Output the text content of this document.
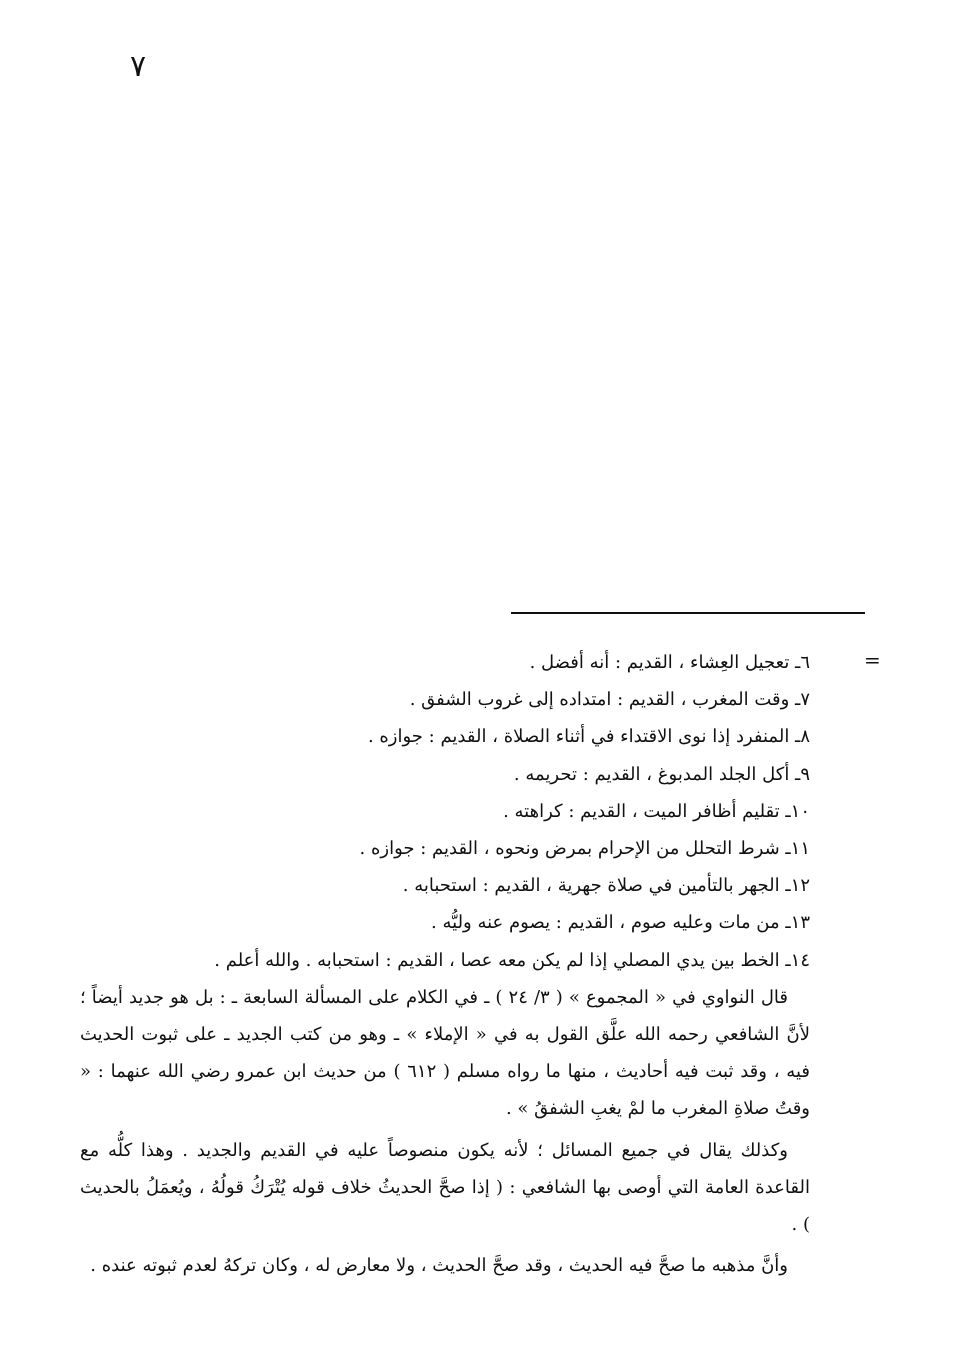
٧
=
٦ـ تعجيل العِشاء ، القديم : أنه أفضل .
٧ـ وقت المغرب ، القديم : امتداده إلى غروب الشفق .
٨ـ المنفرد إذا نوى الاقتداء في أثناء الصلاة ، القديم : جوازه .
٩ـ أكل الجلد المدبوغ ، القديم : تحريمه .
١٠ـ تقليم أظافر الميت ، القديم : كراهته .
١١ـ شرط التحلل من الإحرام بمرض ونحوه ، القديم : جوازه .
١٢ـ الجهر بالتأمين في صلاة جهرية ، القديم : استحبابه .
١٣ـ من مات وعليه صوم ، القديم : يصوم عنه وليُّه .
١٤ـ الخط بين يدي المصلي إذا لم يكن معه عصا ، القديم : استحبابه . والله أعلم .

قال النواوي في « المجموع » ( ٣/ ٢٤ ) ـ في الكلام على المسألة السابعة ـ : بل هو جديد أيضاً ؛ لأنَّ الشافعي رحمه الله علَّق القول به في « الإملاء » ـ وهو من كتب الجديد ـ على ثبوت الحديث فيه ، وقد ثبت فيه أحاديث ، منها ما رواه مسلم ( ٦١٢ ) من حديث ابن عمرو رضي الله عنهما : « وقتُ صلاةِ المغرب ما لمْ يغبِ الشفقُ » .

وكذلك يقال في جميع المسائل ؛ لأنه يكون منصوصاً عليه في القديم والجديد . وهذا كلُّه مع القاعدة العامة التي أوصى بها الشافعي : ( إذا صحَّ الحديثُ خلاف قوله يُتْرَكُ قولُهُ ، ويُعمَلُ بالحديث ) .

وأنَّ مذهبه ما صحَّ فيه الحديث ، وقد صحَّ الحديث ، ولا معارض له ، وكان تركهُ لعدم ثبوته عنده .
